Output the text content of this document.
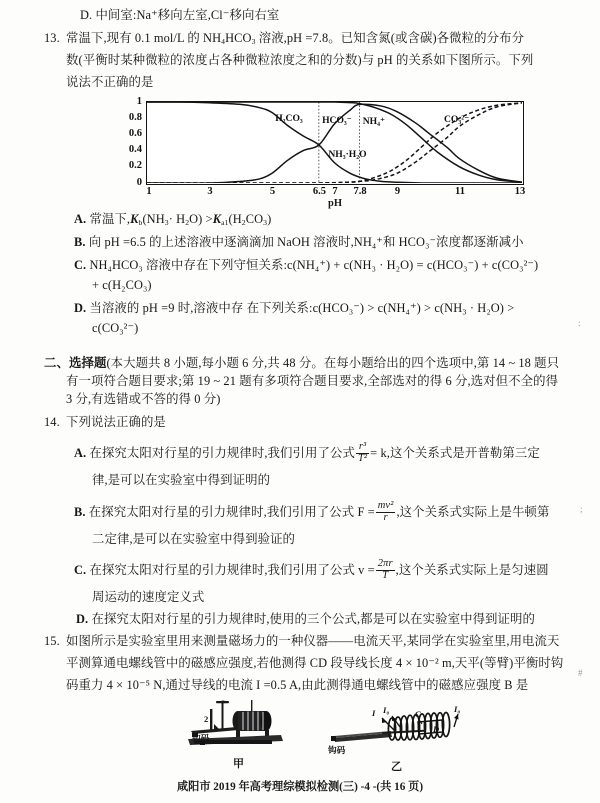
D. 中间室:Na⁺移向左室,Cl⁻移向右室
13. 常温下,现有 0.1 mol/L 的 $NH_4HCO_3$ 溶液,pH =7.8。已知含氮(或含碳)各微粒的分布分
数(平衡时某种微粒的浓度占各种微粒浓度之和的分数)与 pH 的关系如下图所示。下列
说法不正确的是
0
0.2
0.4
0.6
0.8
1
H₂CO₃ HCO₃⁻ NH₄⁺
NH₃·H₂O
CO₃²⁻
1	3	5	6.5 7 7.8	9	11	13
pH
A. 常温下$,K_b(NH_3\cdot H_2O) >K_{a1}(H_2CO_3)$
B. 向 pH =6.5 的上述溶液中逐滴滴加 NaOH 溶液时,NH₄⁺和 HCO₃⁻浓度都逐渐减小
C. NH₄HCO₃ 溶液中存在下列守恒关系:c(NH₄⁺) + c(NH₃ · H₂O) = c(HCO₃⁻) + c(CO₃²⁻)
+ c(H₂CO₃)
D. 当溶液的 pH =9 时,溶液中存 在下列关系:c(HCO₃⁻) > c(NH₄⁺) > c(NH₃ · H₂O) >
c(CO₃²⁻)
二、选择题(本大题共 8 小题,每小题 6 分,共 48 分。在每小题给出的四个选项中,第 14 ~ 18 题只
有一项符合题目要求;第 19 ~ 21 题有多项符合题目要求,全部选对的得 6 分,选对但不全的得
3 分,有选错或不答的得 0 分)
14. 下列说法正确的是
A. 在探究太阳对行星的引力规律时,我们引用了公式 $\frac{\text{r³}}{\text{T²}} = k$,这个关系式是开普勒第三定
律,是可以在实验室中得到证明的
B. 在探究太阳对行星的引力规律时,我们引用了公式 $F = \frac{\text{mv²}}{r}$ ,这个关系式实际上是牛顿第
二定律,是可以在实验室中得到验证的
C. 在探究太阳对行星的引力规律时,我们引用了公式 $v = \frac{2\pi r}{T}$ ,这个关系式实际上是匀速圆
周运动的速度定义式
D. 在探究太阳对行星的引力规律时,使用的三个公式,都是可以在实验室中得到证明的
15. 如图所示是实验室里用来测量磁场力的一种仪器——电流天平,某同学在实验室里,用电流天
平测算通电螺线管中的磁感应强度,若他测得 CD 段导线长度 4 × 10⁻² m,天平(等臂)平衡时钩
码重力 4 × 10⁻⁵ N,通过导线的电流 I =0.5 A,由此测得通电螺线管中的磁感应强度 B 是
钩码
2
甲
钩码
I I₀	I₀
C
D
乙
咸阳市 2019 年高考理综模拟检测(三) -4 -(共 16 页)
:
;
#
